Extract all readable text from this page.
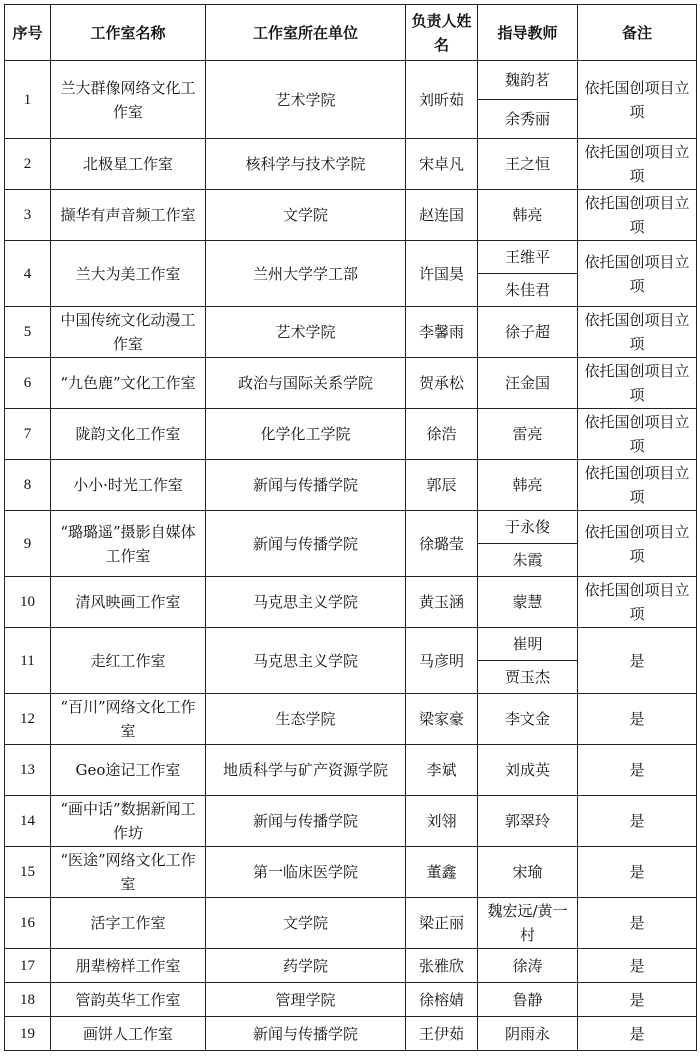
序号	工作室名称	工作室所在单位	负责人姓名	指导教师	备注
1	兰大群像网络文化工作室	艺术学院	刘昕茹	魏韵茗	依托国创项目立项
				余秀丽	
2	北极星工作室	核科学与技术学院	宋卓凡	王之恒	依托国创项目立项
3	撷华有声音频工作室	文学院	赵连国	韩亮	依托国创项目立项
4	兰大为美工作室	兰州大学学工部	许国昊	王维平	依托国创项目立项
				朱佳君	
5	中国传统文化动漫工作室	艺术学院	李馨雨	徐子超	依托国创项目立项
6	“九色鹿”文化工作室	政治与国际关系学院	贺承松	汪金国	依托国创项目立项
7	陇韵文化工作室	化学化工学院	徐浩	雷亮	依托国创项目立项
8	小小·时光工作室	新闻与传播学院	郭辰	韩亮	依托国创项目立项
9	“璐璐遥”摄影自媒体工作室	新闻与传播学院	徐璐莹	于永俊	依托国创项目立项
				朱霞	
10	清风映画工作室	马克思主义学院	黄玉涵	蒙慧	依托国创项目立项
11	走红工作室	马克思主义学院	马彦明	崔明	是
				贾玉杰	
12	“百川”网络文化工作室	生态学院	梁家豪	李文金	是
13	Geo途记工作室	地质科学与矿产资源学院	李斌	刘成英	是
14	“画中话”数据新闻工作坊	新闻与传播学院	刘翎	郭翠玲	是
15	“医途”网络文化工作室	第一临床医学院	董鑫	宋瑜	是
16	活字工作室	文学院	梁正丽	魏宏远/黄一村	是
17	朋辈榜样工作室	药学院	张雅欣	徐涛	是
18	管韵英华工作室	管理学院	徐榕婧	鲁静	是
19	画饼人工作室	新闻与传播学院	王伊茹	阴雨永	是
